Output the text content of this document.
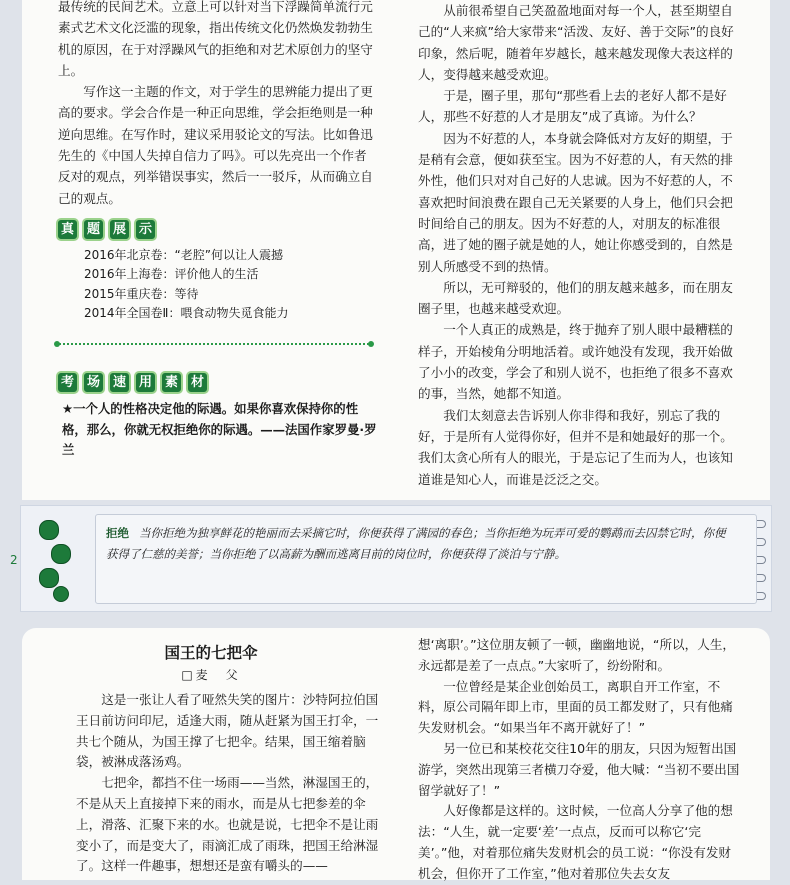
最传统的民间艺术。立意上可以针对当下浮躁简单流行元素式艺术文化泛滥的现象，指出传统文化仍然焕发勃勃生机的原因，在于对浮躁风气的拒绝和对艺术原创力的坚守上。

写作这一主题的作文，对于学生的思辨能力提出了更高的要求。学会合作是一种正向思维，学会拒绝则是一种逆向思维。在写作时，建议采用驳论文的写法。比如鲁迅先生的《中国人失掉自信力了吗》。可以先亮出一个作者反对的观点，列举错误事实，然后一一驳斥，从而确立自己的观点。

真 题 展 示
2016年北京卷：“老腔”何以让人震撼
2016年上海卷：评价他人的生活
2015年重庆卷：等待
2014年全国卷Ⅱ：喂食动物失觅食能力
考 场 速 用 素 材
★一个人的性格决定他的际遇。如果你喜欢保持你的性格，那么，你就无权拒绝你的际遇。——法国作家罗曼·罗兰

从前很希望自己笑盈盈地面对每一个人，甚至期望自己的“人来疯”给大家带来“活泼、友好、善于交际”的良好印象，然后呢，随着年岁越长，越来越发现像大表这样的人，变得越来越受欢迎。

于是，圈子里，那句“那些看上去的老好人都不是好人，那些不好惹的人才是朋友”成了真谛。为什么？

因为不好惹的人，本身就会降低对方友好的期望，于是稍有会意，便如获至宝。因为不好惹的人，有天然的排外性，他们只对对自己好的人忠诚。因为不好惹的人，不喜欢把时间浪费在跟自己无关紧要的人身上，他们只会把时间给自己的朋友。因为不好惹的人，对朋友的标准很高，进了她的圈子就是她的人，她让你感受到的，自然是别人所感受不到的热情。

所以，无可辩驳的，他们的朋友越来越多，而在朋友圈子里，也越来越受欢迎。

一个人真正的成熟是，终于抛弃了别人眼中最糟糕的样子，开始棱角分明地活着。或许她没有发现，我开始做了小小的改变，学会了和别人说不，也拒绝了很多不喜欢的事，当然，她都不知道。

我们太刻意去告诉别人你非得和我好，别忘了我的好，于是所有人觉得你好，但并不是和她最好的那一个。我们太贪心所有人的眼光，于是忘记了生而为人，也该知道谁是知心人，而谁是泛泛之交。

拒绝 当你拒绝为独享鲜花的艳丽而去采摘它时，你便获得了满园的春色；当你拒绝为玩弄可爱的鹦鹉而去囚禁它时，你便获得了仁慈的美誉；当你拒绝了以高薪为酬而逃离目前的岗位时，你便获得了淡泊与宁静。
2
国王的七把伞
□麦　父

这是一张让人看了哑然失笑的图片：沙特阿拉伯国王日前访问印尼，适逢大雨，随从赶紧为国王打伞，一共七个随从，为国王撑了七把伞。结果，国王缩着脑袋，被淋成落汤鸡。

七把伞，都挡不住一场雨——当然，淋湿国王的，不是从天上直接掉下来的雨水，而是从七把参差的伞上，滑落、汇聚下来的水。也就是说，七把伞不是让雨变小了，而是变大了，雨滴汇成了雨珠，把国王给淋湿了。这样一件趣事，想想还是蛮有嚼头的——

想‘离职’。”这位朋友顿了一顿，幽幽地说，“所以，人生，永远都是差了一点点。”大家听了，纷纷附和。

一位曾经是某企业创始员工，离职自开工作室，不料，原公司隔年即上市，里面的员工都发财了，只有他痛失发财机会。“如果当年不离开就好了！”

另一位已和某校花交往10年的朋友，只因为短暂出国游学，突然出现第三者横刀夺爱，他大喊：“当初不要出国留学就好了！”

人好像都是这样的。这时候，一位高人分享了他的想法：“人生，就一定要‘差’一点点，反而可以称它‘完美’。”他，对着那位痛失发财机会的员工说：“你没有发财机会，但你开了工作室，”他对着那位失去女友
